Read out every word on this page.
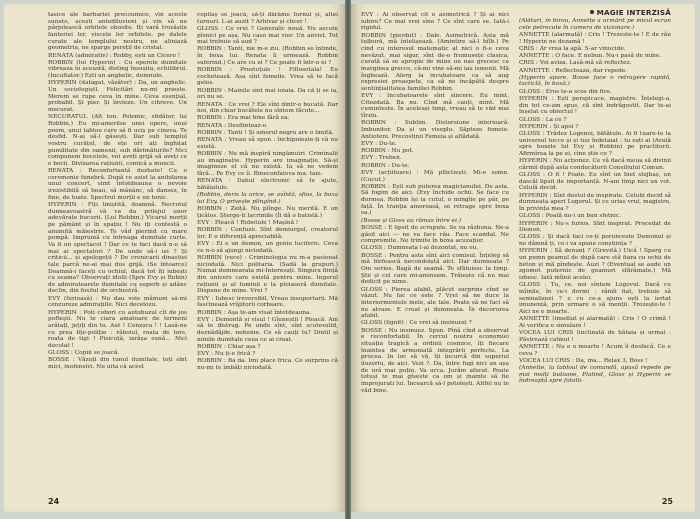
tasice ale barbariei precoumice, vin aceste sunete, acești antediluvieni și vin să ne pârjolească orbitele obosite. Iți vară trozășile fanteriei ler, viscele ler orbitele, pe dalele curate ale templului nostru, ne aliniază geometria, ne sparge perețil de cristal.

RENATA (admirativ) : Robby, ești un Cicero !

ROBBIN (lui Hyperin) : Cu operele dumitale vibreaza în această, disting însușita, echilibrul. (Incultator.) Ești un anghelic, domnule.

HYPERIN (datagat, văzător) : Da, un anghelic. Un sociologiștl. Felicitări nu-mi priește. Merem se rupe ceva în mine. Ceva esențial, probabil. Și pier. Și învieze. Un cihreve. Un mecurat.

NECURATUL (Alt ton. Polemic, sfidător, lui Robbin.) Eu mi-amerilse unei opere, unui poem, unui tablou care să fi uciș pe cineva. Te desfid. N-ai să-l găsești. Dar sub templul vostru curățel, de ețe ori ați înghițat pumilitate din oamenii, sub dărimăturile? Nici compunem bocetele, voi aveți grijă să aveți ce e bocii. Divizarea rațiunii, comică a muncii.

RENATA : Reconfortantă dezbate! Ca o ceremonie funebră. După ce asist la anihilarea unui concert, simt întotdeauna o nevoie irezistibilă să beau, să mânânc, să dansez, în fine, de toate. Spectrul morții e un tonic.

HYPERIN : Fiți liniștită, doamnă. Necrotul dunneavoastră vă va da prilejul unor adevărate bucurii. (Lui Robbin.) Vicarul morții pe pământ și în spațiu ! Nu iți contestă o anumită măiestrie. Te văd pierind cu mare pompă. Imprumă cu întreaga dumitale curte. Va fi un spectacol ! Dar ce te faci dacă n-o să mai ai spectatori ? De unde să-i iei ? Și criticii... și apologeții ? De cronicarii dinastiei tale parcă ne-ai mai dus grijă. (Se întoarce) Doamnă-i faceți cu ochiul, dacă tot îți iubești cu seama? Observați idolii (Spre Evy și Robin) de admiratoarele dumitale cu superb și adânc declin, din fosilul de orchestră.

EVY (furioasă) : Nu dau voie mămuni să-mi cenzureze admirațiile. Nici decelozu.

HYPERIN : Poti cobori cu autobuzul cît de jos poftești. Nu te ciara amatoare de termeni arătați, jețiți din tu. Aut ! Cenzura ! ! Lasă-ne cu prea fițe-poliție : răboiul, roata de tors, roata de tigi ! Pisicuță, iarășa sună... Nici decolat !

GLOSS : Copiii se joacă.

BOSSE : Văzuți din tunul dumitale, toți sînt mici, inofensivi. Nu uita că acest

copilaș se joacă, să-ți dărâme turnul și, altei turnuri. L-ai auzit ? Arhivar și clicer !

GLOSS : Ce vrei ? Generalic nouă. Nu ascute pîsnici pe așa. Nu caso mai vier. Un anvist. Tot mai trebuie să aud ?

ROBBIN : Tanti, nie m-e ziu. (Robbin se întinde, în boxa lui. Renata îi urmează. Robbin suferind.) Ce are cu ei ? Ce poate fi într-o ei ?

ROBBIN : Prostuțule ! Fillosotala! Eu cochetează. Asa sînt femeile. Vrea să te facă gelos.

ROBBIN : Mainile sînt mai ioiaia. Da că ți se ia, ori nu se.

RENATA : Ce vrei ? Ele sînt dintr-o bucată. Dar noi, din chiar bucătele nu sîntem făcute...

ROBBIN : Era mai bine fără ea.

RENATA : Desfiinteaz-o.

ROBBIN : Tanti ! Și umorul negru are o limită.

RENATA : Vreau să spun : închipuiește-ți că nu există.

ROBBIN : Nu mă inspiră ningămuiri. Criminalii au imaginație. Hyperin are imaginație. Să-și imagineze el că nu există. Ia să ne vedem fără... Pe Evy ce îi. Bineconfalova ma. taie.

RENATA : Dahul electronic să te ajute, bătăiatule.

(Robbin, deris la orice, se avîntă, sfios, la boxa lui Evy. O privește plîngînd.)

ROBBIN : Zeiță. Nu plînge. Nu merită. E un țicălos. Șterge-ți lacrimile (Îi dă o batistă.)

EVY : Pleacă ! Robotule ! Mașină !

ROBBIN : Confuzii. Sînt demiurgul, creatorul lor. E o diferență apreciabilă.

EVY : Ei e un demon, un geniu luciferic. Ceva ce n-o să ajungi niciodată.

ROBBIN (rece) : Criminologia nu m-a pasionat niciodată. Nici politaria. (Sadă la grupuri.) Numai dumnearata mi-Interesați. Singura ființă din univers care există pentru mine. Ingerul rațiunii și al luminii e la ploiaseră dumitale. Dispune de mine. Vrei ?

EVY : Iubesc ireversibil. Vreau insuportarii. Mă fascinează vrăjitorii corbsare.

ROBBIN : Așa te-am visat întotdeauna.

EVY : Demontă și visul ! Gîuneștii ! Pleacă. Am să te distrug. Pe unde sînt, sînt scutesulid, deznădăjde, nebunie. Ce să cauți tu? Dintil și nimile dumitale ceea ce ai creat.

ROBBIN : Chiar așa ?

EVY : Nu ți-e frică ?

ROBBIN : Ba da. Imi place frica. Ce surprins că nu-mi te îmbâți niciodată.

24
MAGIE INTERZISĂ

EVY : Ai observat cît e asimetrică ? Și ai nici iubire? Ce mai vrei sîne ? Ce sînt care se. Iată-i rigidul.

ROBBIN (pierdut) : Dale. Asimetrică. Asta mă tulbură, mă întelișează. (Amintire să-l bîlb.) Pe cind cu interesul matematic al nici o fi-e ceva nevăzut, mai sigur, sînt de-o frumusețe clasica, curată să se apropie de mine un nas grecesc ca marginea grecce, că-mi vine să-mi iau ismenii. Mă înghează. Alerg la incubatoare ca să aug expresiei proaspete, ca să ne încăpătă despre sentințialitatea familiei Robbin.

EVY : Incubatoarele sînt sincere. Eu mint. Citezdată. Ba nu. Cînd mă cauți, mint. Mă cuminteste. În aceleași timp, vreau să te văd mai tîrziu.

ROBBIN : Sublim. Distorsiune interioară. Imbunitor. Da și un visoplu. Săpteze femeie. Antioteni. Precostinii Femeia și altădată.

EVY : Du-te.

ROBBIN : Nu pot.

EVY : Treben.

ROBBIN : Du-te.

EVY (acțiitoare) : Mă pllictiești. Mi-e somn. (Cucut.)

ROBBIN : Ești sub puterea magicianului. De asta. Să fugim de aici. (Evy închide ochii. Se face cu dormea. Robbin își ia cutul, o mingîie pe păr, pe față. În tranția amoroasă, se retrage spre boxa sa.)

(Bosse și Gloss au rămas între ei.)

BOSSE : E lipsit de scrupule. Se va răzbuna. Ne-a găsit aici — ne va face rău. Face scandal. Ne compromite. Ne trimite în boxa acuzațior.

GLOSS : Dumneata l-ai dezontat, nu eu.

BOSSE : Pentru asta sînt aici comisul. Înțeleg să mă bîrfească necondoiștă aici. Dar dumneata ? Om serios. Bagă de seamă. Te sfătuiesc la timp. Știi și cel care mi-aminsem. Trăiește că nu mai dedicit pe nime.

GLOSS : Pierea afabil, plăcut surprins cînd se văzut. Nu fac ce este ? Vrei să ne duce la interiormentele mele, ale tale. Poate să ne faci să ne atrase. E creat și dumneata. În decorurea afabil.

GLOSS (lignit) : Ce vrei să insinuezi ?

BOSSE : Nu insinuez. Spun. Pînă cînd a observat e reconfortabil. În cercul nostru economiei situația tragică a ordinii cosmice, îți fiecare înaintea de armoniată integrării perfecte. La procea. In loc să vă, îți încurcă din superiul iluzoriu, de aici. Vezi ?. Da, între fugi nici un așa de ură mai puțin. Va urca. Jurăm afurat. Poate totuși te mai gîseste ca om și inainte să fie imprejurati lui. Încearcă să-l potolești. Altfel nu te văd bine.

(Alături, în birou, Annette a urmărit pe micul ecran cele petrecute în camera de vizionare.)

ANNETTE (alarmată) : Cris ! Trezeste-te ! E de rău ! Hyperin ne dezamă !

CRIS : Ar vrea la apă. S-ar vinucide.

ANNETTE : O face. E nebun. Nu-i pasă de mine.

CRIS : Voi aviza. Lasă-mă să reflectez.

ANNETTE : Reflecteaza, dar repede.

(Hyperin apare. Bosse face o retragere rapidă, tacticlă, în boxă.)

GLOSS : Eros te-a scos din fire.

HYPERIN : Ești perspicace, magistre. Înțelegi-a, din tot ce-am spus, că sînt îndrăgostit. Dar te-ai înșelat cu obiectul !

GLOSS : La ce ?

HYPERIN : Și apoi ?

GLOSS : Trădez Logenoi, bătătule. Ai fi tuare-te la universul tocce și și tuo îndetaiat : tu ești ai (Arată spre boxele lui Evy și Robbin) pe practitorii. Afirmîrea la pe ei, cine știe ce ?

HYPERIN : Nu acționez. Ce vă dacă meua să divinii cărmii după asta conducătorii Consiliului Comun.

GLOSS : O fi ! Poate. Eu sînt un biet slujbaș, un dascăl lipsit de importanță. N-am timp nici un vot. Celulă decid.

HYPERIN : Sînt destul de inspirate. Celulii decid să dumneata aperi Logorul. Și ce urias vrui, magistre, în privința mea ?

GLOSS : Poată nu-i un bun sfetnic.

HYPERIN : Nu-s furios. Sînt inspirat. Procedat de Demon.

GLOSS : Și dacă faci ce-ți porunceste Demonul și ne dămnă ți, ce-i va spune conștiința ?

HYPERIN : Să denunț ? (Grevită.) Uică ! Sparg cu un pumn geamul de după care stă fiara cu ochii de beton și mă pîndește. Auzi ? (Eventual se aude un zgomot puternic de geamuri sfărâmate.) Mă izbesc. Iată mîinii acelei.

GLOSS : Tu, ce, noi sîntem Logovul. Dacă cu mîinile, în ce-i dormi : rămîi fiat, trebuie să semnalizezi ? e cu ce-a ajuns ești la iertat imunență, prin urmare o să menții. Trezește-te ! Aici ne e moarte.

ANNETTE (imediat și alarmată) : Cris ! O crimă ! Ai verifica o simulare !

VOCEA LUI CRIS (inclinată de bătaia și urma) : Păstrează calmul !

ANNETTE : Nu e o moarte ! Acum îi desfacă. Ce e ceva ?

VOCEA LUI CRIS : Da, ma... Relax 3, Boss !

(Annette, la tabloul de comandă, apasă repede pe mai mulți butoane, Platind, Gloss și Hyperin se îndreaptă spre fotolii-

25
